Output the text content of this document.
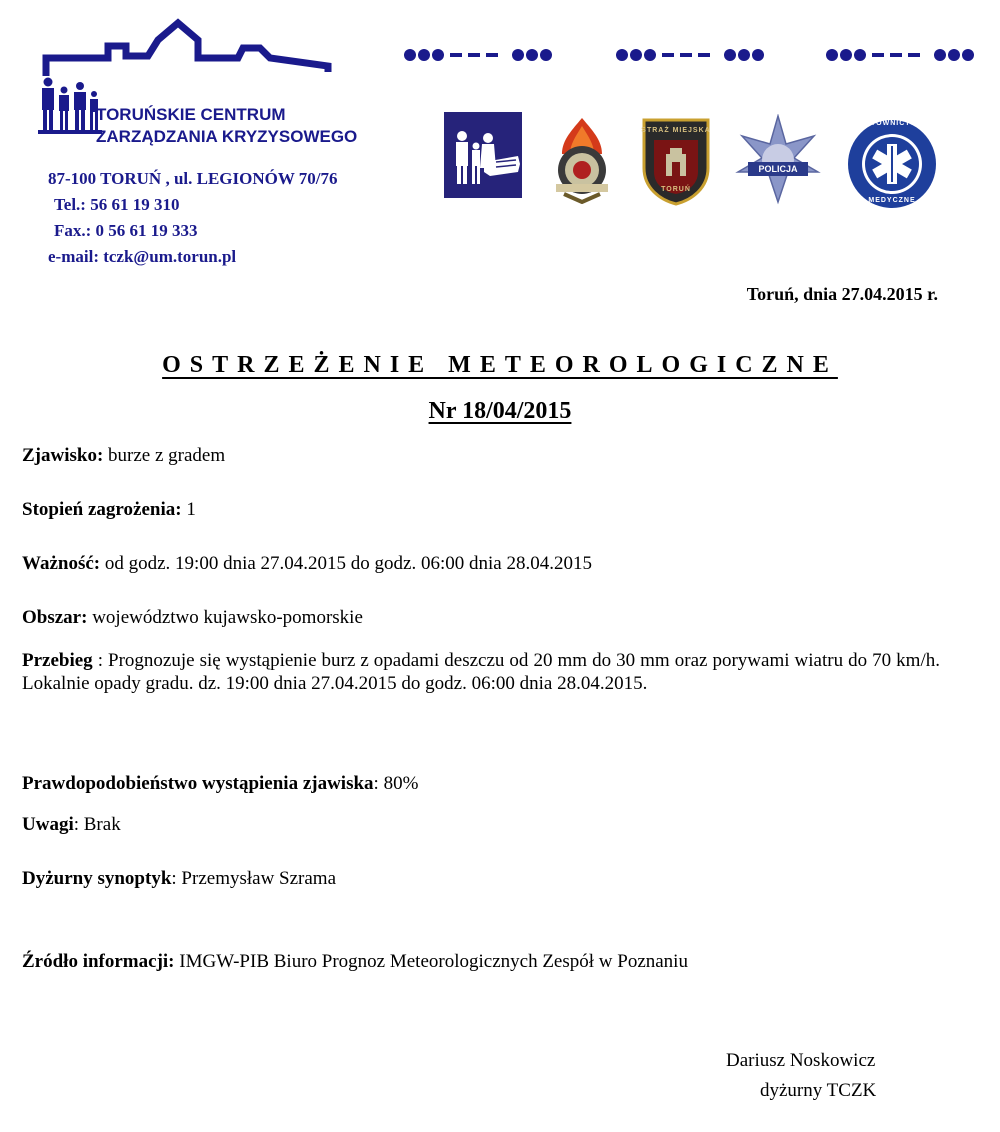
TORUŃSKIE CENTRUM
ZARZĄDZANIA KRYZYSOWEGO
87-100 TORUŃ , ul. LEGIONÓW 70/76
Tel.: 56 61 19 310
Fax.: 0 56 61 19 333
e-mail: tczk@um.torun.pl
STRAŻ MIEJSKA
TORUŃ
POLICJA
RATOWNICTWO
MEDYCZNE
Toruń, dnia 27.04.2015 r.
OSTRZEŻENIE METEOROLOGICZNE
Nr 18/04/2015
Zjawisko: burze z gradem
Stopień zagrożenia: 1
Ważność: od godz. 19:00 dnia 27.04.2015 do godz. 06:00 dnia 28.04.2015
Obszar: województwo kujawsko-pomorskie
Przebieg : Prognozuje się wystąpienie burz z opadami deszczu od 20 mm do 30 mm oraz porywami wiatru do 70 km/h. Lokalnie opady gradu. dz. 19:00 dnia 27.04.2015 do godz. 06:00 dnia 28.04.2015.
Prawdopodobieństwo wystąpienia zjawiska: 80%
Uwagi: Brak
Dyżurny synoptyk: Przemysław Szrama
Źródło informacji: IMGW-PIB Biuro Prognoz Meteorologicznych Zespół w Poznaniu
Dariusz Noskowicz
dyżurny TCZK
